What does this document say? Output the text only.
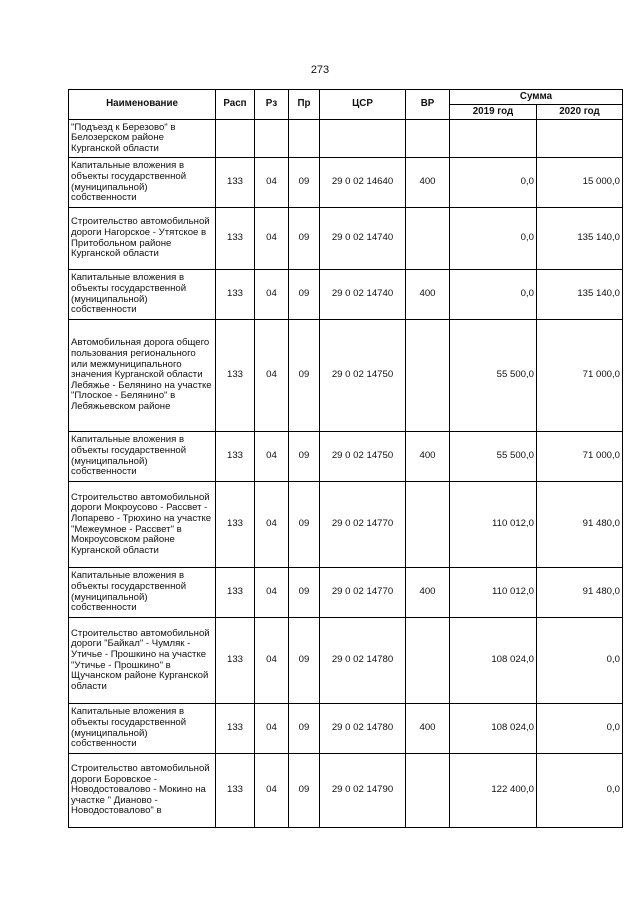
273
Наименование	Расп	Рз	Пр	ЦСР	ВР	Сумма	
						2019 год	2020 год
"Подъезд к Березово" в Белозерском районе Курганской области							
Капитальные вложения в объекты государственной (муниципальной) собственности	133	04	09	29 0 02 14640	400	0,0	15 000,0
Строительство автомобильной дороги Нагорское - Утятское в Притобольном районе Курганской области	133	04	09	29 0 02 14740		0,0	135 140,0
Капитальные вложения в объекты государственной (муниципальной) собственности	133	04	09	29 0 02 14740	400	0,0	135 140,0
Автомобильная дорога общего пользования регионального или межмуниципального значения Курганской области Лебяжье - Белянино на участке "Плоское - Белянино" в Лебяжьевском районе	133	04	09	29 0 02 14750		55 500,0	71 000,0
Капитальные вложения в объекты государственной (муниципальной) собственности	133	04	09	29 0 02 14750	400	55 500,0	71 000,0
Строительство автомобильной дороги Мокроусово - Рассвет - Лопарево - Трюхино на участке "Межеумное - Рассвет" в Мокроусовском районе Курганской области	133	04	09	29 0 02 14770		110 012,0	91 480,0
Капитальные вложения в объекты государственной (муниципальной) собственности	133	04	09	29 0 02 14770	400	110 012,0	91 480,0
Строительство автомобильной дороги "Байкал" - Чумляк - Утичье - Прошкино на участке "Утичье - Прошкино" в Щучанском районе Курганской области	133	04	09	29 0 02 14780		108 024,0	0,0
Капитальные вложения в объекты государственной (муниципальной) собственности	133	04	09	29 0 02 14780	400	108 024,0	0,0
Строительство автомобильной дороги Боровское - Новодостовалово - Мокино на участке " Дианово - Новодостовалово" в	133	04	09	29 0 02 14790		122 400,0	0,0
